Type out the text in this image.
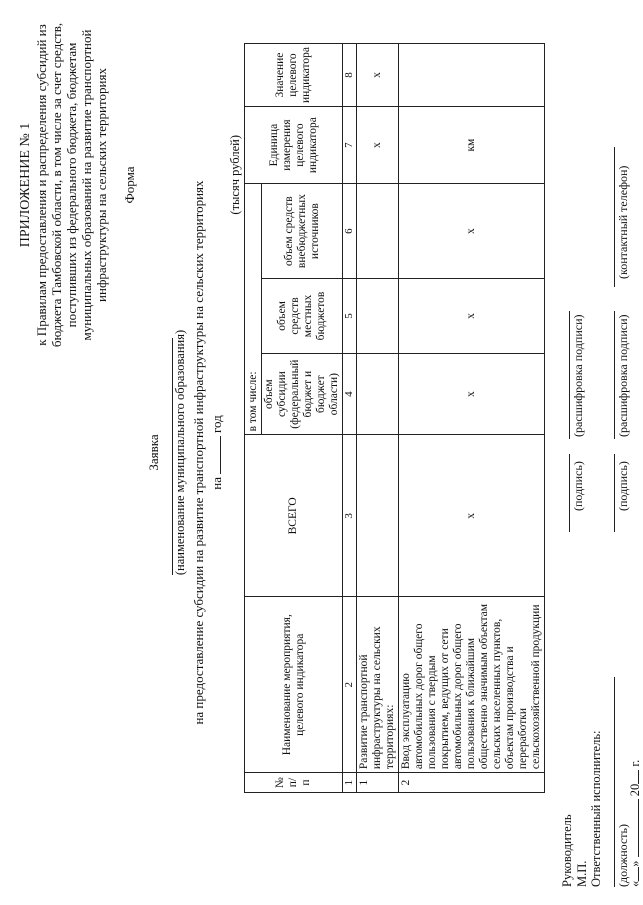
ПРИЛОЖЕНИЕ № 1 к Правилам предоставления и распределения субсидий из бюджета Тамбовской области, в том числе за счет средств, поступивших из федерального бюджета, бюджетам муниципальных образований на развитие транспортной инфраструктуры на сельских территориях Форма
Заявка (наименование муниципального образования) на предоставление субсидии на развитие транспортной инфраструктуры на сельских территориях нагод
(тысяч рублей)
№ п/п	Наименование мероприятия, целевого индикатора	ВСЕГО	в том числе:			Единица измерения целевого индикатора	Значение целевого индикатора
			объем субсидии (федеральный бюджет и бюджет области)	объем средств местных бюджетов	объем средств внебюджетных источников		
1	2	3	4	5	6	7	8
1	Развитие транспортной инфраструктуры на сельских территориях:					х	х
2	Ввод эксплуатацию автомобильных дорог общего пользования с твердым покрытием, ведущих от сети автомобильных дорог общего пользования к ближайшим общественно значимым объектам сельских населенных пунктов, объектам производства и переработки сельскохозяйственной продукции	х	х	х	х	км	
Руководитель М.П.
(подпись)
(расшифровка подписи)
Ответственный исполнитель: (должность)
(подпись)
(расшифровка подписи)
(контактный телефон)
«»  20 г.
